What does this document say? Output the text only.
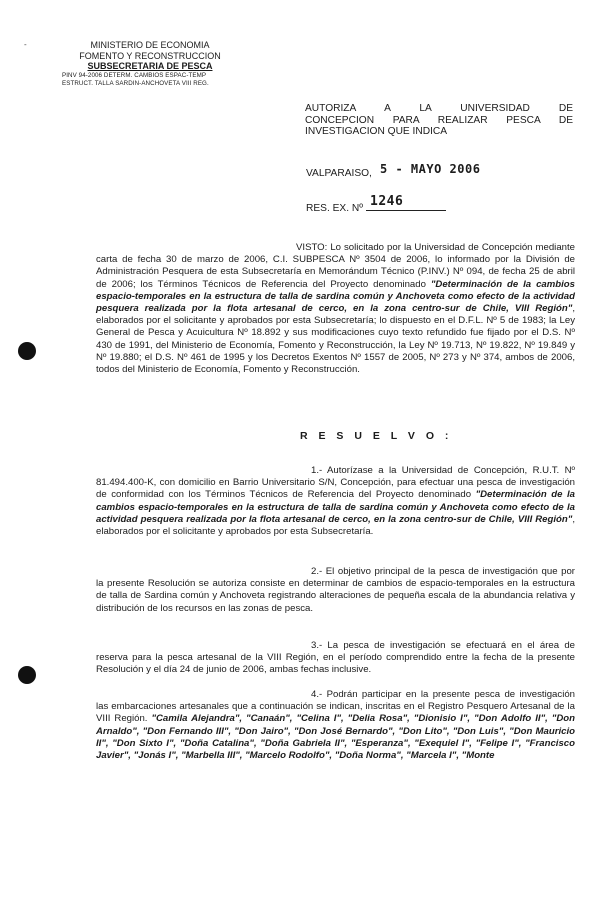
-	MINISTERIO DE ECONOMIA
FOMENTO Y RECONSTRUCCION
SUBSECRETARIA DE PESCA
PINV 94-2006 DETERM. CAMBIOS ESPAC-TEMP
ESTRUCT. TALLA SARDIN-ANCHOVETA VIII REG.
AUTORIZA A LA UNIVERSIDAD DE
CONCEPCION PARA REALIZAR PESCA DE
INVESTIGACION QUE INDICA
VALPARAISO, 5 - MAYO 2006
RES. EX. Nº 1246
VISTO: Lo solicitado por la Universidad de Concepción mediante carta de fecha 30 de marzo de 2006, C.I. SUBPESCA Nº 3504 de 2006, lo informado por la División de Administración Pesquera de esta Subsecretaría en Memorándum Técnico (P.INV.) Nº 094, de fecha 25 de abril de 2006; los Términos Técnicos de Referencia del Proyecto denominado "Determinación de la cambios espacio-temporales en la estructura de talla de sardina común y Anchoveta como efecto de la actividad pesquera realizada por la flota artesanal de cerco, en la zona centro-sur de Chile, VIII Región", elaborados por el solicitante y aprobados por esta Subsecretaría; lo dispuesto en el D.F.L. Nº 5 de 1983; la Ley General de Pesca y Acuicultura Nº 18.892 y sus modificaciones cuyo texto refundido fue fijado por el D.S. Nº 430 de 1991, del Ministerio de Economía, Fomento y Reconstrucción, la Ley Nº 19.713, Nº 19.822, Nº 19.849 y Nº 19.880; el D.S. Nº 461 de 1995 y los Decretos Exentos Nº 1557 de 2005, Nº 273 y Nº 374, ambos de 2006, todos del Ministerio de Economía, Fomento y Reconstrucción.
R E S U E L V O :
1.- Autorízase a la Universidad de Concepción, R.U.T. Nº 81.494.400-K, con domicilio en Barrio Universitario S/N, Concepción, para efectuar una pesca de investigación de conformidad con los Términos Técnicos de Referencia del Proyecto denominado "Determinación de la cambios espacio-temporales en la estructura de talla de sardina común y Anchoveta como efecto de la actividad pesquera realizada por la flota artesanal de cerco, en la zona centro-sur de Chile, VIII Región", elaborados por el solicitante y aprobados por esta Subsecretaría.
2.- El objetivo principal de la pesca de investigación que por la presente Resolución se autoriza consiste en determinar de cambios de espacio-temporales en la estructura de talla de Sardina común y Anchoveta registrando alteraciones de pequeña escala de la abundancia relativa y distribución de los recursos en las zonas de pesca.
3.- La pesca de investigación se efectuará en el área de reserva para la pesca artesanal de la VIII Región, en el período comprendido entre la fecha de la presente Resolución y el día 24 de junio de 2006, ambas fechas inclusive.
4.- Podrán participar en la presente pesca de investigación las embarcaciones artesanales que a continuación se indican, inscritas en el Registro Pesquero Artesanal de la VIII Región. "Camila Alejandra", "Canaán", "Celina I", "Delia Rosa", "Dionisio I", "Don Adolfo II", "Don Arnaldo", "Don Fernando III", "Don Jairo", "Don José Bernardo", "Don Lito", "Don Luis", "Don Mauricio II", "Don Sixto I", "Doña Catalina", "Doña Gabriela II", "Esperanza", "Exequiel I", "Felipe I", "Francisco Javier", "Jonás I", "Marbella III", "Marcelo Rodolfo", "Doña Norma", "Marcela I", "Monte
